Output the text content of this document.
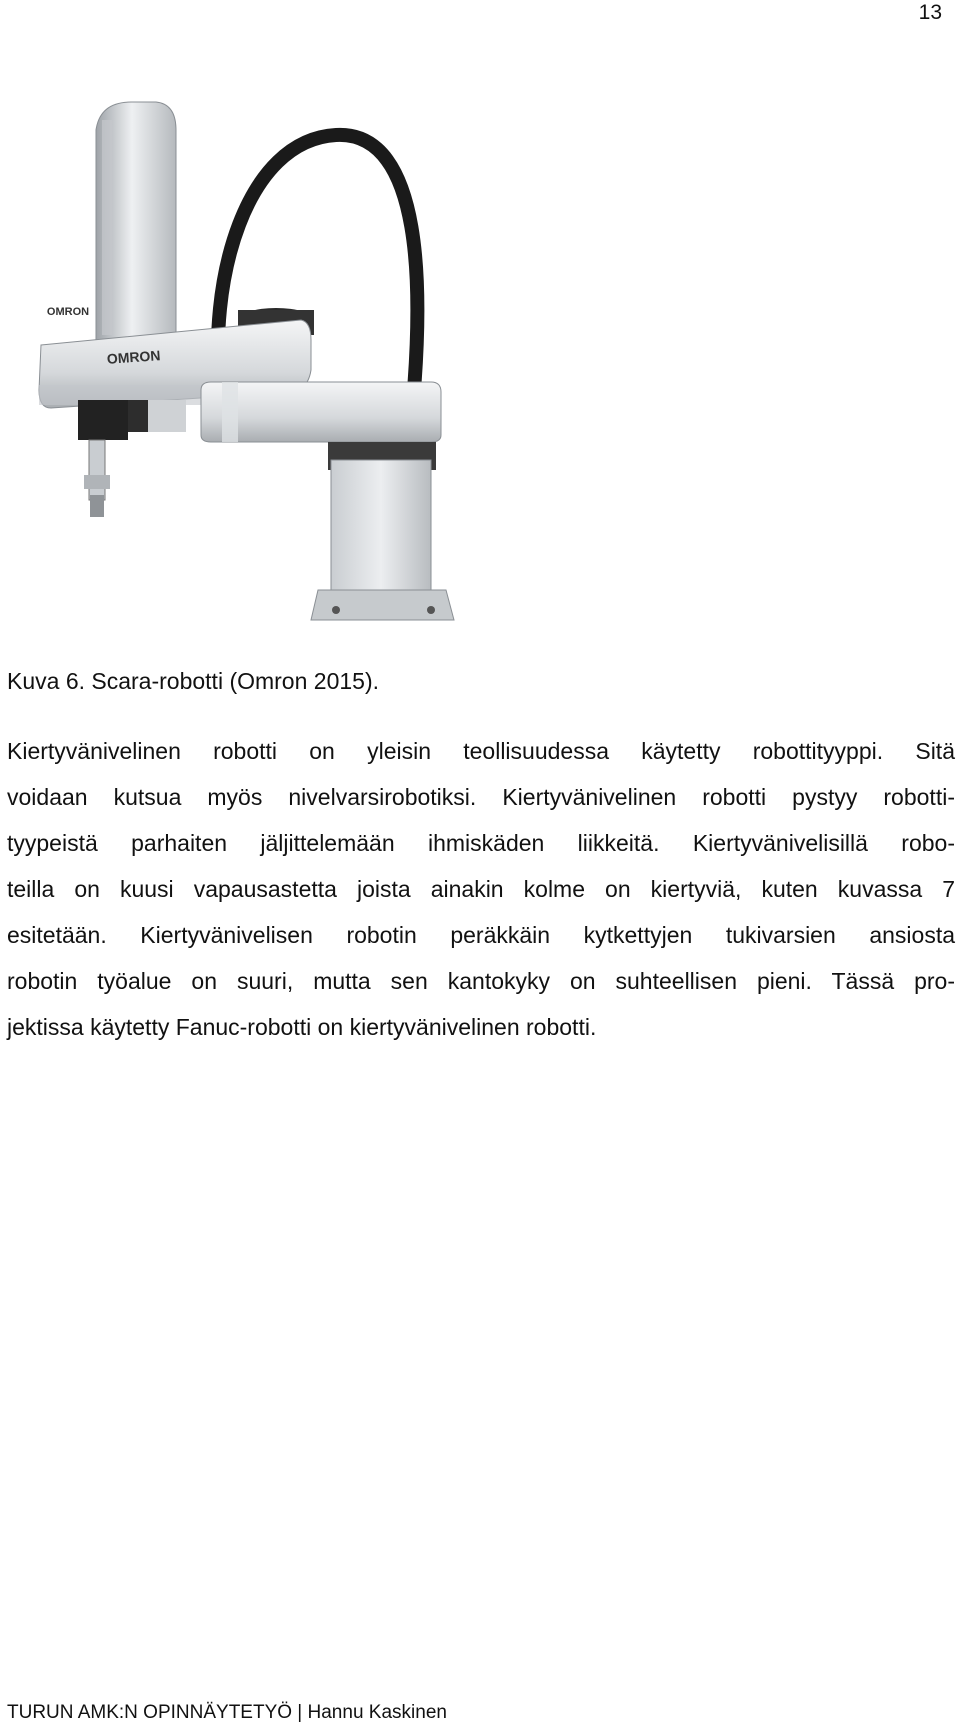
13
OMRON
OMRON
Kuva 6. Scara-robotti (Omron 2015).
Kiertyvänivelinen robotti on yleisin teollisuudessa käytetty robottityyppi. Sitä
voidaan kutsua myös nivelvarsirobotiksi. Kiertyvänivelinen robotti pystyy robotti-
tyypeistä parhaiten jäljittelemään ihmiskäden liikkeitä. Kiertyvänivelisillä robo-
teilla on kuusi vapausastetta joista ainakin kolme on kiertyviä, kuten kuvassa 7
esitetään. Kiertyvänivelisen robotin peräkkäin kytkettyjen tukivarsien ansiosta
robotin työalue on suuri, mutta sen kantokyky on suhteellisen pieni. Tässä pro-
jektissa käytetty Fanuc-robotti on kiertyvänivelinen robotti.
TURUN AMK:N OPINNÄYTETYÖ | Hannu Kaskinen
